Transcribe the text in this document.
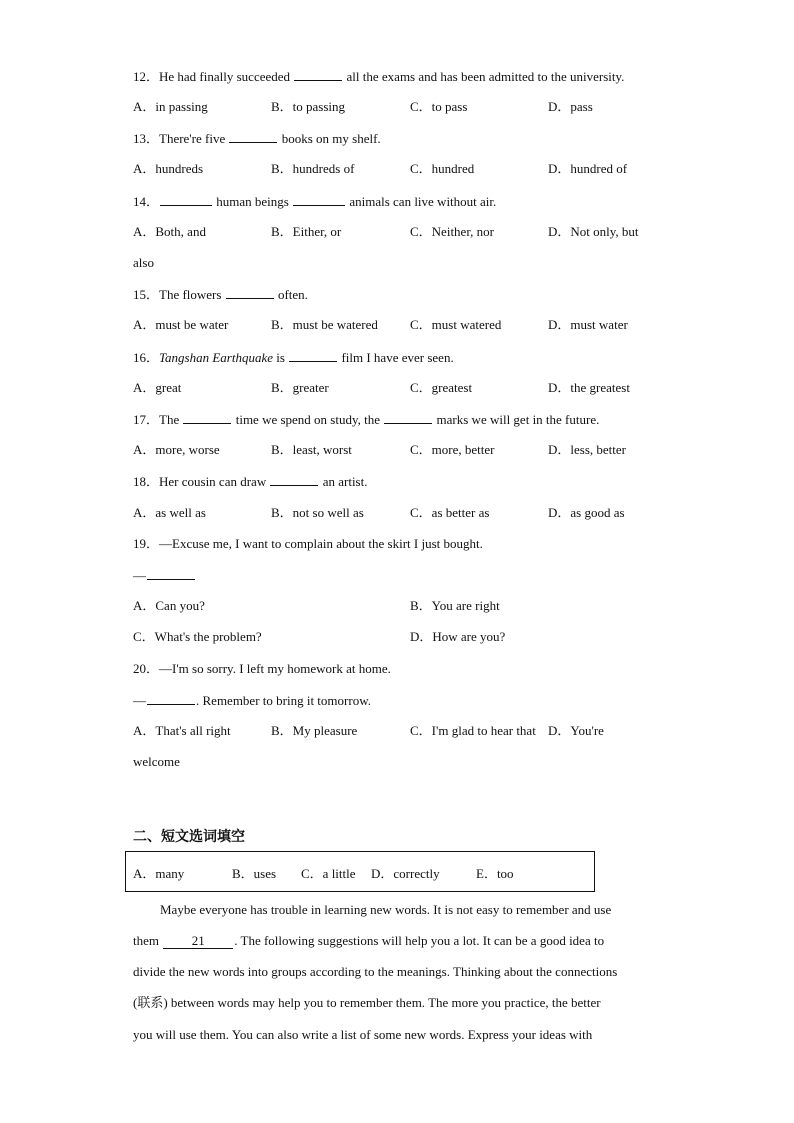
12．He had finally succeeded	all the exams and has been admitted to the university.
A．in passing	B．to passing	C．to pass	D．pass
13．There're five	books on my shelf.
A．hundreds	B．hundreds of	C．hundred	D．hundred of
14．	human beings	animals can live without air.
A．Both, and	B．Either, or	C．Neither, nor	D．Not only, but
also
15．The flowers	often.
A．must be water	B．must be watered C．must watered	D．must water
16．Tangshan Earthquake is	film I have ever seen.
A．great	B．greater	C．greatest	D．the greatest
17．The	time we spend on study, the	marks we will get in the future.
A．more, worse	B．least, worst	C．more, better	D．less, better
18．Her cousin can draw	an artist.
A．as well as	B．not so well as	C．as better as	D．as good as
19．—Excuse me, I want to complain about the skirt I just bought.
—
A．Can you?	B．You are right
C．What's the problem?	D．How are you?
20．—I'm so sorry. I left my homework at home.
—	. Remember to bring it tomorrow.
A．That's all right	B．My pleasure	C．I'm glad to hear that D．You're
welcome
二、短文选词填空
A．many	B．uses C．a little D．correctly	E．too
Maybe everyone has trouble in learning new words. It is not easy to remember and use
them	21 . The following suggestions will help you a lot. It can be a good idea to
divide the new words into groups according to the meanings. Thinking about the connections
(联系) between words may help you to remember them. The more you practice, the better
you will use them. You can also write a list of some new words. Express your ideas with
